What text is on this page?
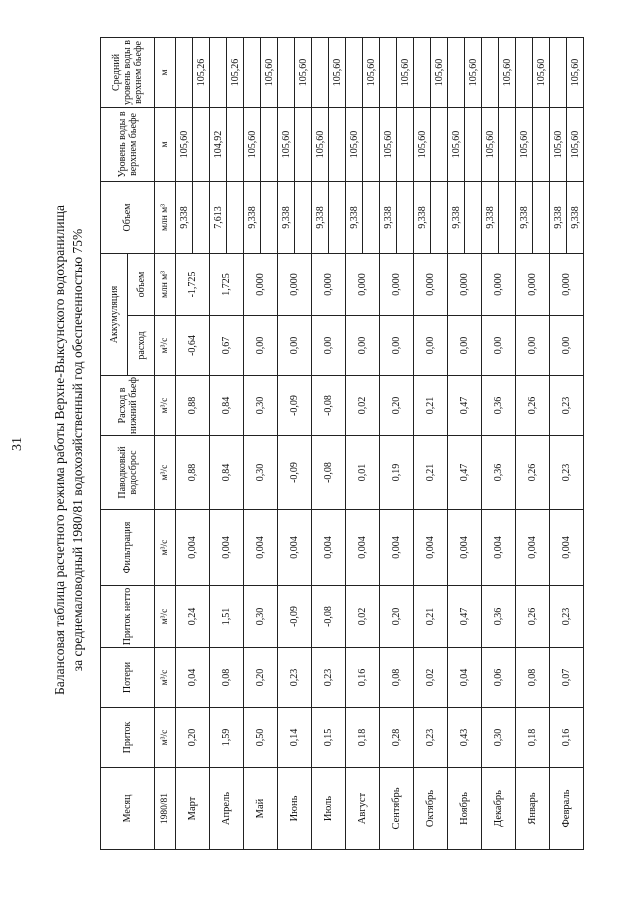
31 Балансовая таблица расчетного режима работы Верхне-Выксунского водохранилища за среднемаловодный 1980/81 водохозяйственный год обеспеченностью 75%
Месяц	Приток	Потери	Приток нетто	Фильтрация	Паводковый водосброс	Расход в нижний бьеф	Аккумуляция		Объем	Уровень воды в верхнем бьефе	Средний уровень воды в верхнем бьефе
							расход	объем			
1980/81	м³/с	м³/с	м³/с	м³/с	м³/с	м³/с	м³/с	млн м³	млн м³	м	м
Март	0,20	0,04	0,24	0,004	0,88	0,88	-0,64	-1,725	9,338	105,60	
											105,26
Апрель	1,59	0,08	1,51	0,004	0,84	0,84	0,67	1,725	7,613	104,92	
											105,26
Май	0,50	0,20	0,30	0,004	0,30	0,30	0,00	0,000	9,338	105,60	
											105,60
Июнь	0,14	0,23	-0,09	0,004	-0,09	-0,09	0,00	0,000	9,338	105,60	
											105,60
Июль	0,15	0,23	-0,08	0,004	-0,08	-0,08	0,00	0,000	9,338	105,60	
											105,60
Август	0,18	0,16	0,02	0,004	0,01	0,02	0,00	0,000	9,338	105,60	
											105,60
Сентябрь	0,28	0,08	0,20	0,004	0,19	0,20	0,00	0,000	9,338	105,60	
											105,60
Октябрь	0,23	0,02	0,21	0,004	0,21	0,21	0,00	0,000	9,338	105,60	
											105,60
Ноябрь	0,43	0,04	0,47	0,004	0,47	0,47	0,00	0,000	9,338	105,60	
											105,60
Декабрь	0,30	0,06	0,36	0,004	0,36	0,36	0,00	0,000	9,338	105,60	
											105,60
Январь	0,18	0,08	0,26	0,004	0,26	0,26	0,00	0,000	9,338	105,60	
											105,60
Февраль	0,16	0,07	0,23	0,004	0,23	0,23	0,00	0,000	9,338	105,60	
									9,338	105,60	105,60
